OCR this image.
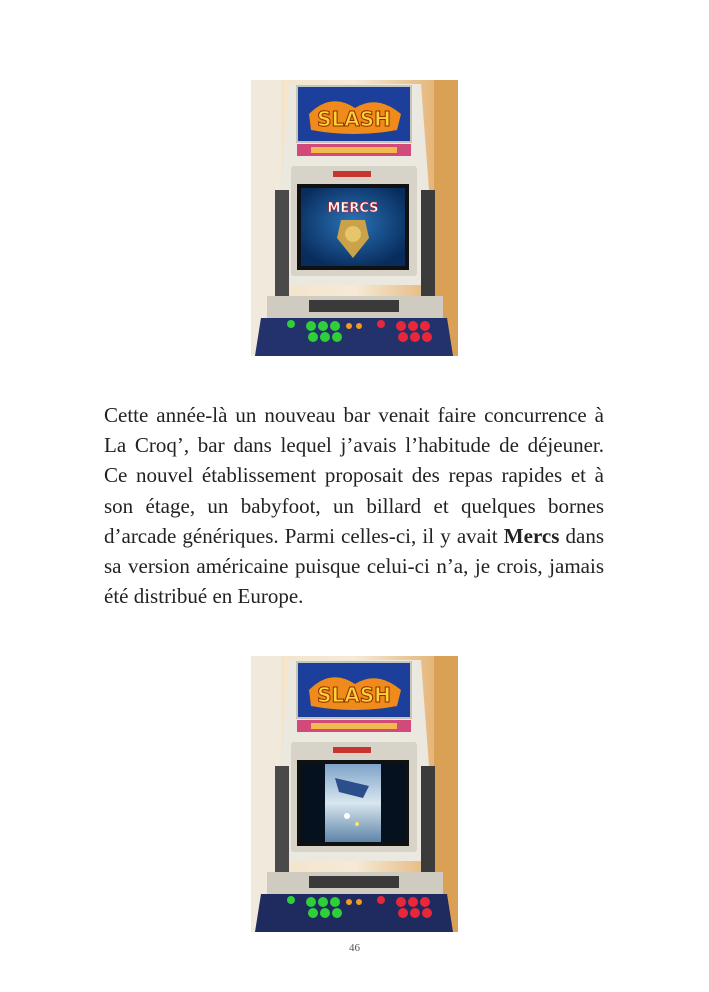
SLASH
MERCS

Cette année-là un nouveau bar venait faire concurrence à La Croq’, bar dans lequel j’avais l’habitude de déjeuner. Ce nouvel établissement proposait des repas rapides et à son étage, un babyfoot, un billard et quelques bornes d’arcade génériques. Parmi celles-ci, il y avait Mercs dans sa version américaine puisque celui-ci n’a, je crois, jamais été distribué en Europe.

SLASH
46
